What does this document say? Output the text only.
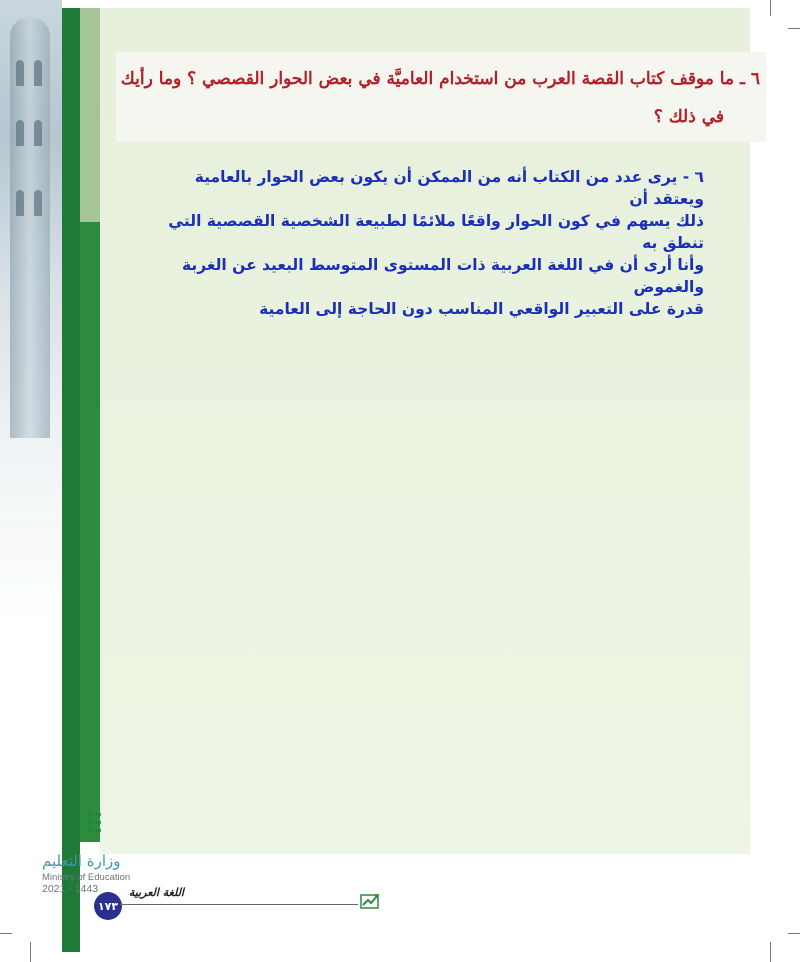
٦ ـ ما موقف كتاب القصة العرب من استخدام العاميَّة في بعض الحوار القصصي ؟ وما رأيك
في ذلك ؟
٦ - يرى عدد من الكتاب أنه من الممكن أن يكون بعض الحوار بالعامية ويعتقد أن
ذلك يسهم في كون الحوار واقعًا ملائمًا لطبيعة الشخصية القصصية التي تنطق به
وأنا أرى أن في اللغة العربية ذات المستوى المتوسط البعيد عن الغربة والغموض
قدرة على التعبير الواقعي المناسب دون الحاجة إلى العامية
وزارة التعليم
Ministry of Education
2021 - 1443
١٧٣
اللغة العربية
